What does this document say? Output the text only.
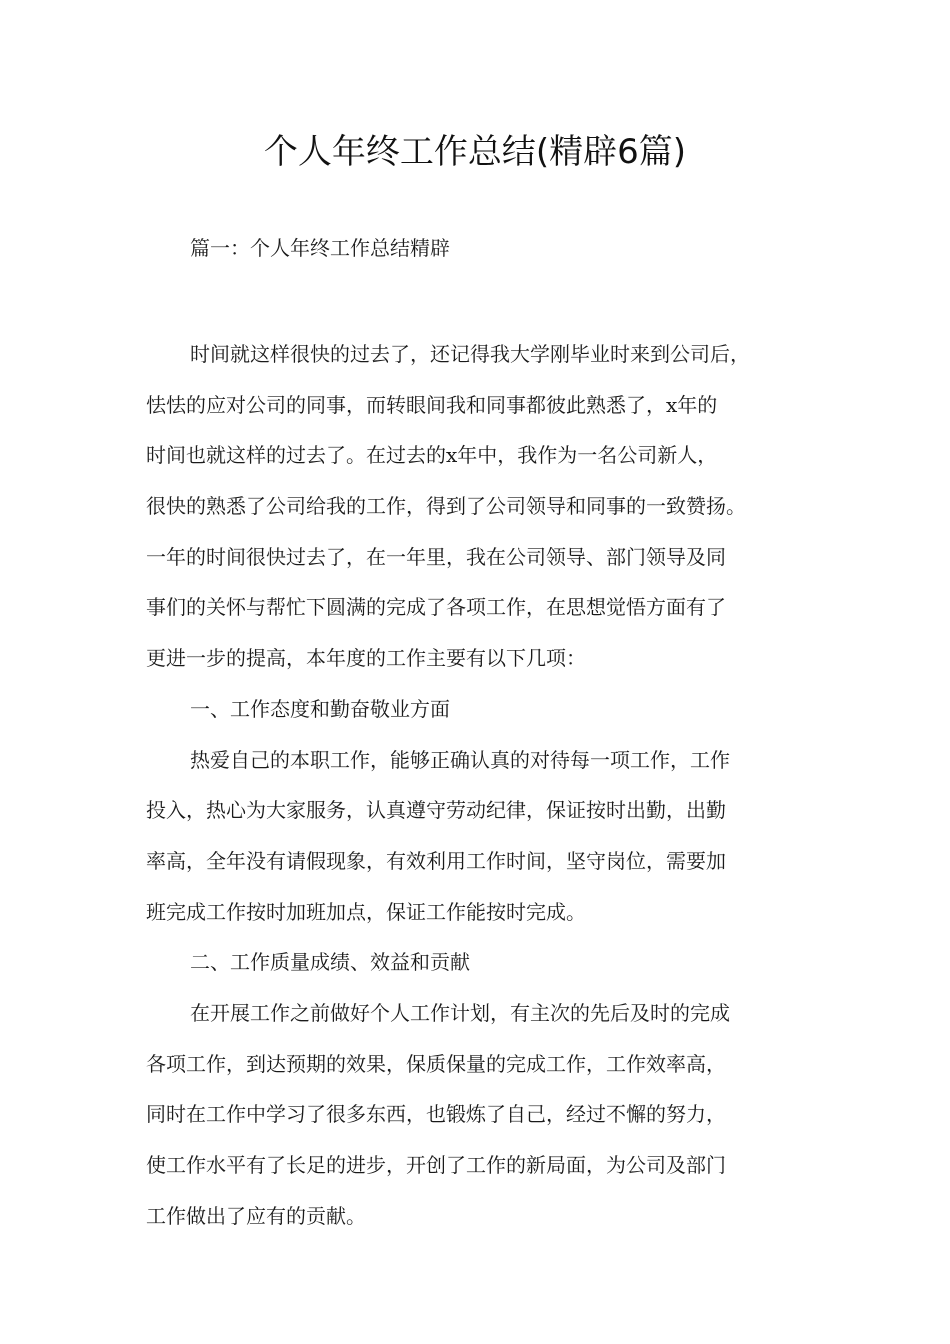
个人年终工作总结(精辟6篇)

篇一：个人年终工作总结精辟

时间就这样很快的过去了，还记得我大学刚毕业时来到公司后，
怯怯的应对公司的同事，而转眼间我和同事都彼此熟悉了，x年的
时间也就这样的过去了。在过去的x年中，我作为一名公司新人，
很快的熟悉了公司给我的工作，得到了公司领导和同事的一致赞扬。
一年的时间很快过去了，在一年里，我在公司领导、部门领导及同
事们的关怀与帮忙下圆满的完成了各项工作，在思想觉悟方面有了
更进一步的提高，本年度的工作主要有以下几项：
一、工作态度和勤奋敬业方面
热爱自己的本职工作，能够正确认真的对待每一项工作，工作
投入，热心为大家服务，认真遵守劳动纪律，保证按时出勤，出勤
率高，全年没有请假现象，有效利用工作时间，坚守岗位，需要加
班完成工作按时加班加点，保证工作能按时完成。
二、工作质量成绩、效益和贡献
在开展工作之前做好个人工作计划，有主次的先后及时的完成
各项工作，到达预期的效果，保质保量的完成工作，工作效率高，
同时在工作中学习了很多东西，也锻炼了自己，经过不懈的努力，
使工作水平有了长足的进步，开创了工作的新局面，为公司及部门
工作做出了应有的贡献。
